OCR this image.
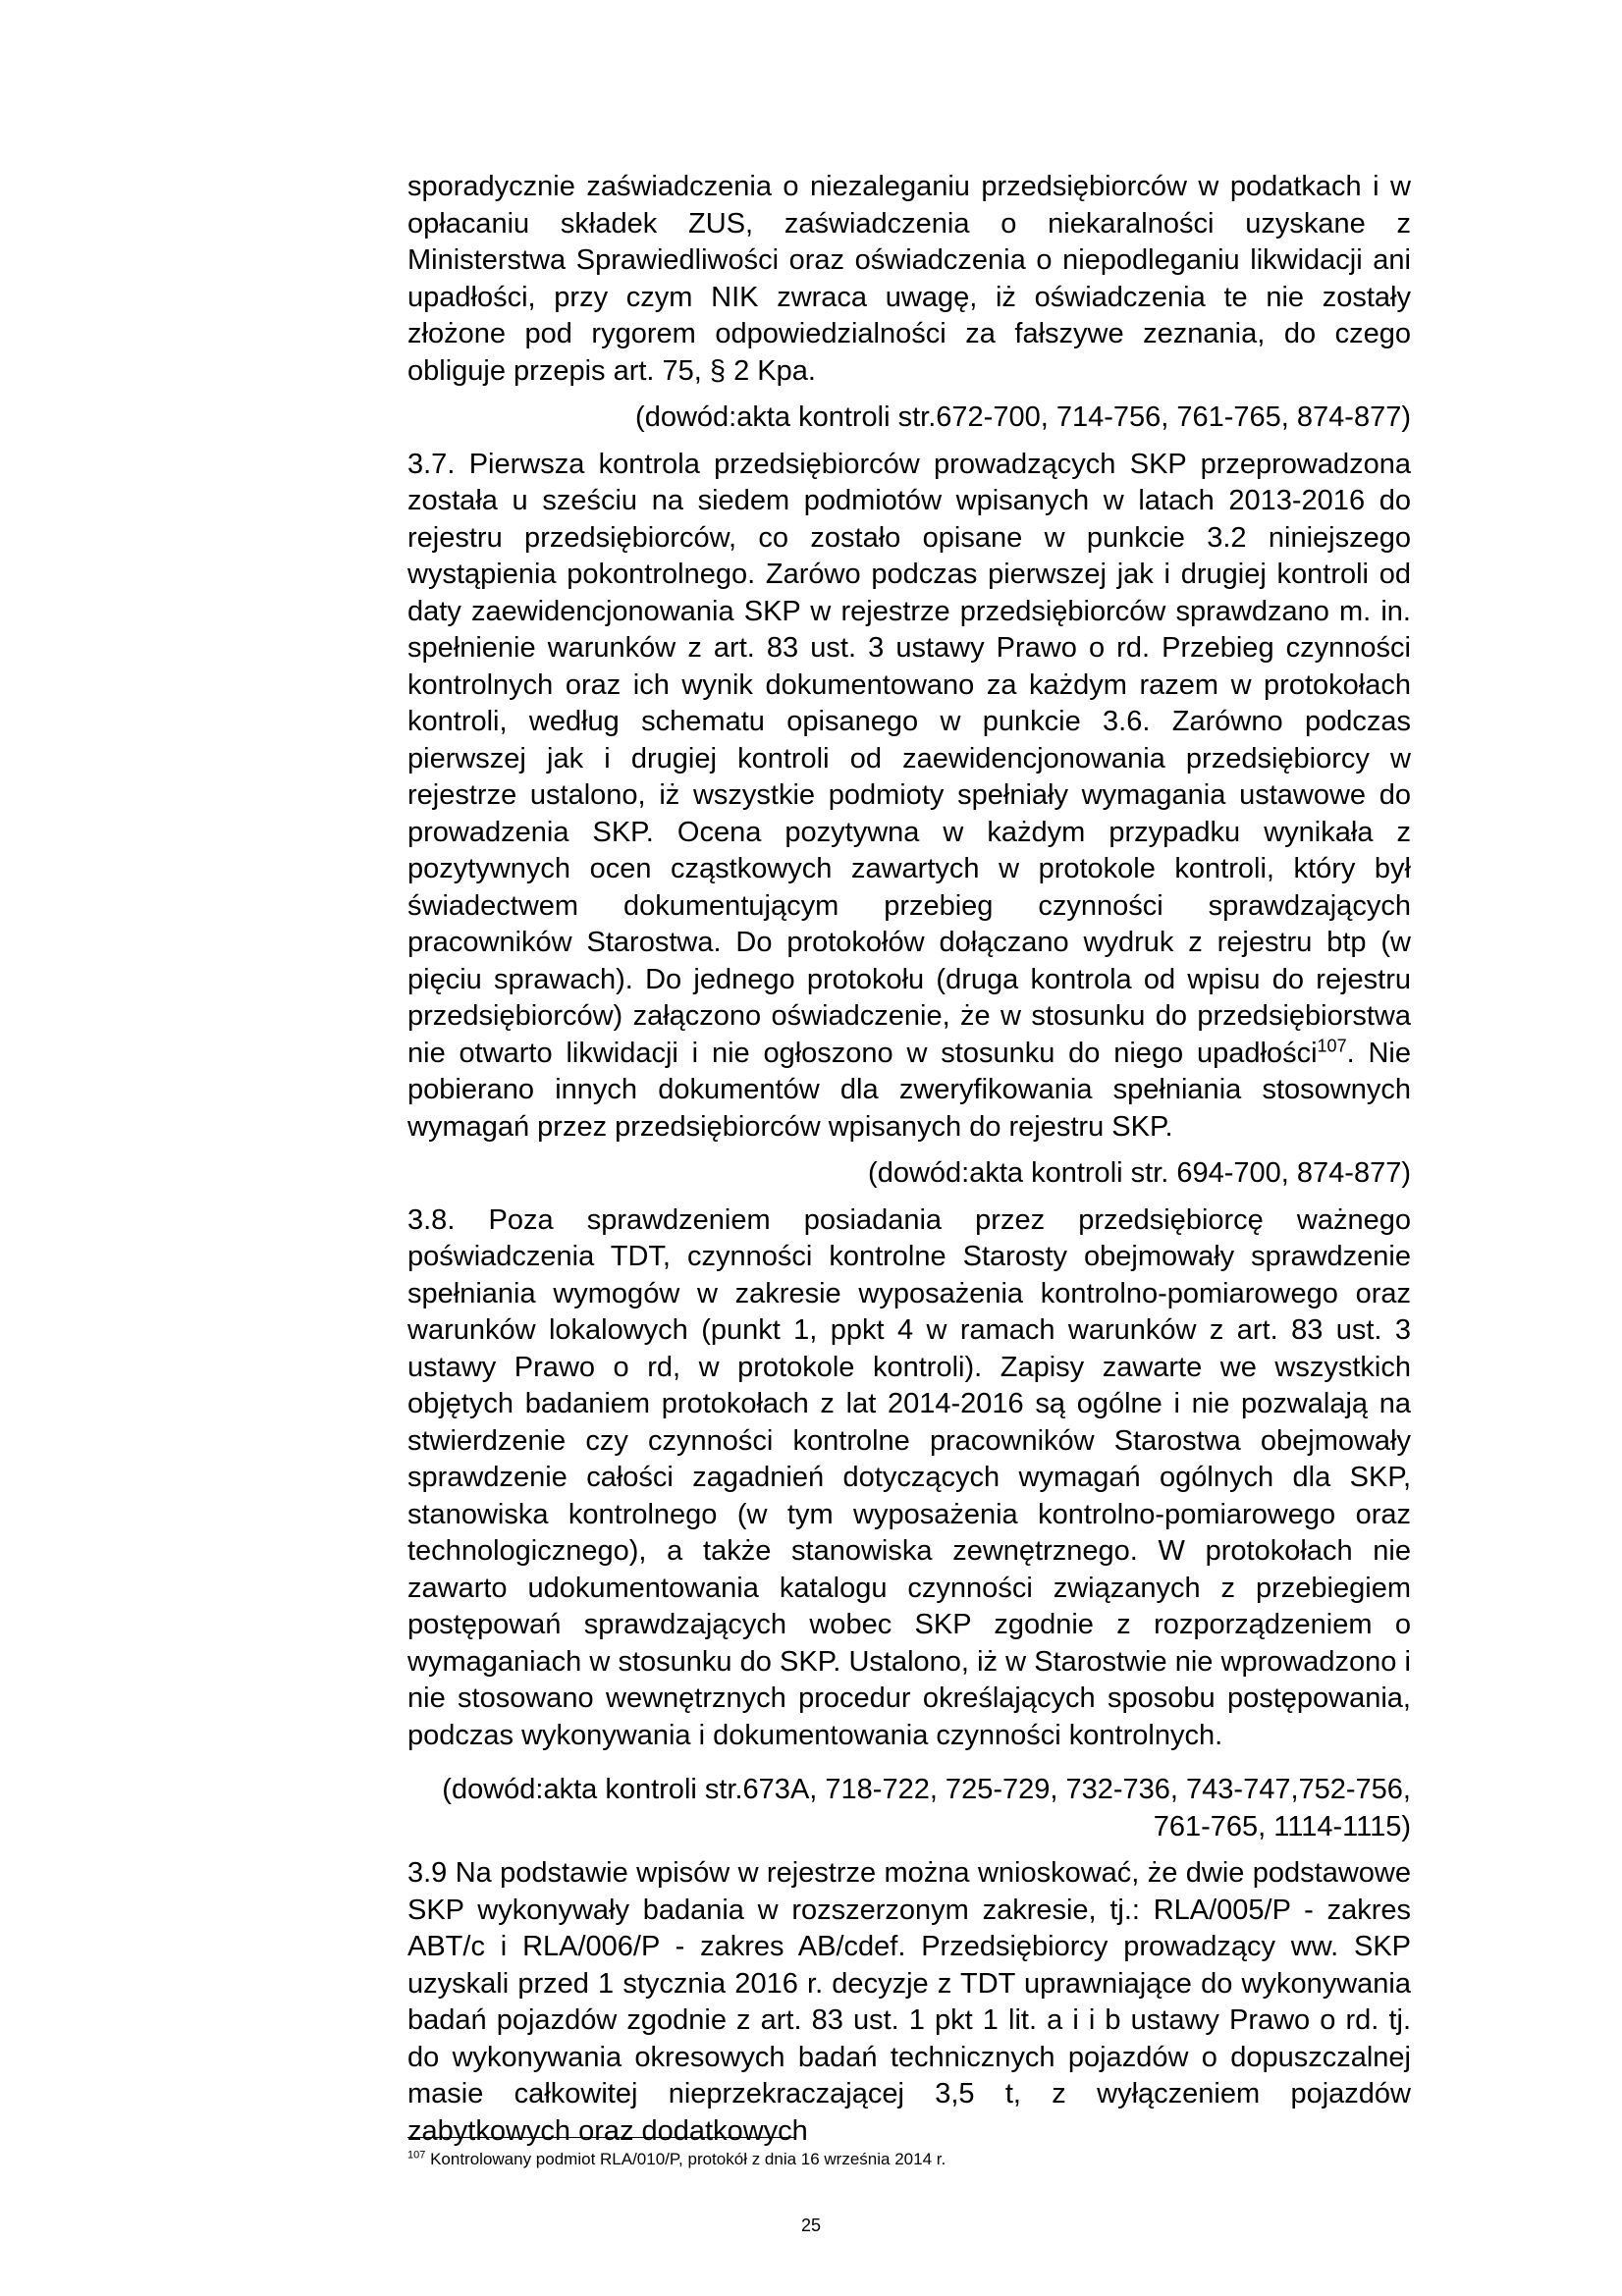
sporadycznie zaświadczenia o niezaleganiu przedsiębiorców w podatkach i w opłacaniu składek ZUS, zaświadczenia o niekaralności uzyskane z Ministerstwa Sprawiedliwości oraz oświadczenia o niepodleganiu likwidacji ani upadłości, przy czym NIK zwraca uwagę, iż oświadczenia te nie zostały złożone pod rygorem odpowiedzialności za fałszywe zeznania, do czego obliguje przepis art. 75, § 2 Kpa.

(dowód:akta kontroli str.672-700, 714-756, 761-765, 874-877)

3.7. Pierwsza kontrola przedsiębiorców prowadzących SKP przeprowadzona została u sześciu na siedem podmiotów wpisanych w latach 2013-2016 do rejestru przedsiębiorców, co zostało opisane w punkcie 3.2 niniejszego wystąpienia pokontrolnego. Zarówo podczas pierwszej jak i drugiej kontroli od daty zaewidencjonowania SKP w rejestrze przedsiębiorców sprawdzano m. in. spełnienie warunków z art. 83 ust. 3 ustawy Prawo o rd. Przebieg czynności kontrolnych oraz ich wynik dokumentowano za każdym razem w protokołach kontroli, według schematu opisanego w punkcie 3.6. Zarówno podczas pierwszej jak i drugiej kontroli od zaewidencjonowania przedsiębiorcy w rejestrze ustalono, iż wszystkie podmioty spełniały wymagania ustawowe do prowadzenia SKP. Ocena pozytywna w każdym przypadku wynikała z pozytywnych ocen cząstkowych zawartych w protokole kontroli, który był świadectwem dokumentującym przebieg czynności sprawdzających pracowników Starostwa. Do protokołów dołączano wydruk z rejestru btp (w pięciu sprawach). Do jednego protokołu (druga kontrola od wpisu do rejestru przedsiębiorców) załączono oświadczenie, że w stosunku do przedsiębiorstwa nie otwarto likwidacji i nie ogłoszono w stosunku do niego upadłości$^{107}$. Nie pobierano innych dokumentów dla zweryfikowania spełniania stosownych wymagań przez przedsiębiorców wpisanych do rejestru SKP.

(dowód:akta kontroli str. 694-700, 874-877)

3.8. Poza sprawdzeniem posiadania przez przedsiębiorcę ważnego poświadczenia TDT, czynności kontrolne Starosty obejmowały sprawdzenie spełniania wymogów w zakresie wyposażenia kontrolno-pomiarowego oraz warunków lokalowych (punkt 1, ppkt 4 w ramach warunków z art. 83 ust. 3 ustawy Prawo o rd, w protokole kontroli). Zapisy zawarte we wszystkich objętych badaniem protokołach z lat 2014-2016 są ogólne i nie pozwalają na stwierdzenie czy czynności kontrolne pracowników Starostwa obejmowały sprawdzenie całości zagadnień dotyczących wymagań ogólnych dla SKP, stanowiska kontrolnego (w tym wyposażenia kontrolno-pomiarowego oraz technologicznego), a także stanowiska zewnętrznego. W protokołach nie zawarto udokumentowania katalogu czynności związanych z przebiegiem postępowań sprawdzających wobec SKP zgodnie z rozporządzeniem o wymaganiach w stosunku do SKP. Ustalono, iż w Starostwie nie wprowadzono i nie stosowano wewnętrznych procedur określających sposobu postępowania, podczas wykonywania i dokumentowania czynności kontrolnych.

(dowód:akta kontroli str.673A, 718-722, 725-729, 732-736, 743-747,752-756, 761-765, 1114-1115)

3.9 Na podstawie wpisów w rejestrze można wnioskować, że dwie podstawowe SKP wykonywały badania w rozszerzonym zakresie, tj.: RLA/005/P - zakres ABT/c i RLA/006/P - zakres AB/cdef. Przedsiębiorcy prowadzący ww. SKP uzyskali przed 1 stycznia 2016 r. decyzje z TDT uprawniające do wykonywania badań pojazdów zgodnie z art. 83 ust. 1 pkt 1 lit. a i i b ustawy Prawo o rd. tj. do wykonywania okresowych badań technicznych pojazdów o dopuszczalnej masie całkowitej nieprzekraczającej 3,5 t, z wyłączeniem pojazdów zabytkowych oraz dodatkowych

$^{107}$ Kontrolowany podmiot RLA/010/P, protokół z dnia 16 września 2014 r.
25
